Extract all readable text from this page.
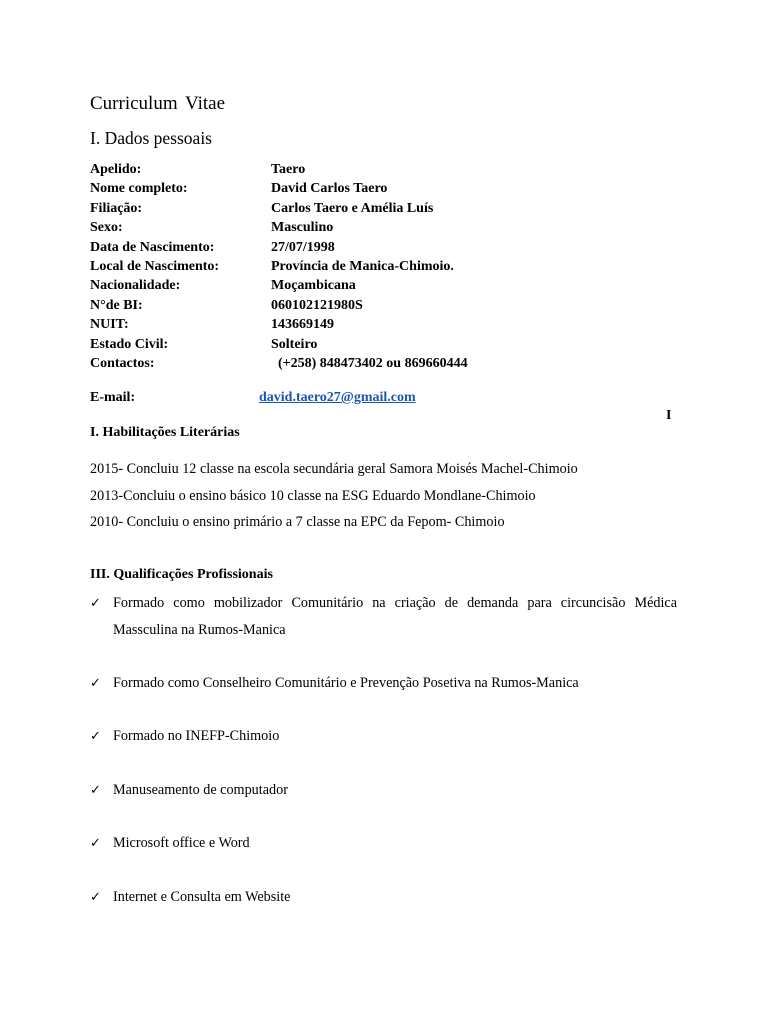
Curriculum Vitae
I. Dados pessoais
Apelido:	Taero
Nome completo:	David Carlos Taero
Filiação:	Carlos Taero e Amélia Luís
Sexo:	Masculino
Data de Nascimento:	27/07/1998
Local de Nascimento:	Província de Manica-Chimoio.
Nacionalidade:	Moçambicana
N°de BI:	060102121980S
NUIT:	143669149
Estado Civil:	Solteiro
Contactos:	(+258) 848473402 ou 869660444
E-mail:	david.taero27@gmail.com
I
I. Habilitações Literárias
2015- Concluiu 12 classe na escola secundária geral Samora Moisés Machel-Chimoio
2013-Concluiu o ensino básico 10 classe na ESG Eduardo Mondlane-Chimoio
2010- Concluiu o ensino primário a 7 classe na EPC da Fepom- Chimoio
III. Qualificações Profissionais
✓ Formado como mobilizador Comunitário na criação de demanda para circuncisão Médica Massculina na Rumos-Manica
✓ Formado como Conselheiro Comunitário e Prevenção Posetiva na Rumos-Manica
✓ Formado no INEFP-Chimoio
✓ Manuseamento de computador
✓ Microsoft office e Word
✓ Internet e Consulta em Website
